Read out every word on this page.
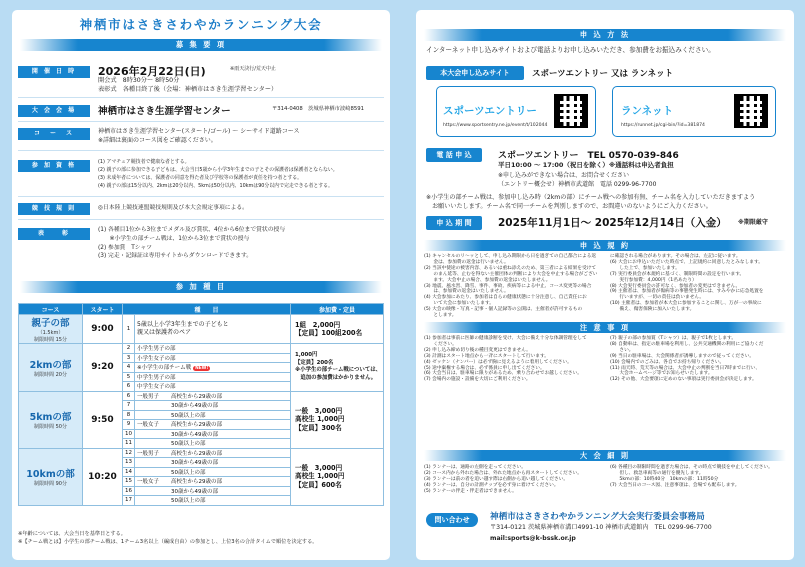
神栖市はさきさわやかランニング大会
募 集 要 項
開 催 日 時	2026年2月22日(日)	※雨天決行/荒天中止
開会式　8時30分～ 8時50分
表彰式　各種目終了後（会場：神栖市はさき生涯学習センター）
大 会 会 場	神栖市はさき生涯学習センター	〒314-0408　茨城県神栖市波崎8591
コ　ー　ス	神栖市はさき生涯学習センター(スタート/ゴール) ～ シーサイド道路コース
※詳細は裏面のコース図をご確認ください。
参 加 資 格	(1) アマチュア競技者で健康な者とする。
(2) 親子の部に参加できる子どもは、大会当日5歳から小学3年生までの子とその保護者は保護者とならない。
(3) 未成年者については、保護者の同意を得た者及び学校等の保護者が責任を持つ者とする。
(4) 親子の部は15分以内、2kmは20分以内、5kmは50分以内、10kmは90分以内で完走できる者とする。
競 技 規 則	◎日本陸上競技連盟競技規則及び本大会規定事項による。
表　　彰	(1) 各種目1位から3位までメダル及び賞状、4位から6位まで賞状の授与
　　※小学生の部チーム戦は、1位から3位まで賞状の授与
(2) 参加賞　Tシャツ
(3) 完走・記録証は専用サイトからダウンロードできます。
参 加 種 目
コース	スタート	種　　目		参加費・定員

親子の部
（1.5km）
制限時間 15分	9:00	1	5歳以上小学3年生までの子どもと
親又は保護者のペア	1組　2,000円
【定員】100組200名

2kmの部
制限時間 20分	9:20	2	小学生男子の部	1,000円
【定員】200名
※小学生の部チーム戦については、
　追加の参加費はかかりません。
		3	小学生女子の部	
		4	※小学生の部チーム戦 NEW!	
		5	中学生男子の部	
		6	中学生女子の部	

5kmの部
制限時間 50分	9:50	6	一般男子 高校生から29歳の部	一般　3,000円
高校生 1,000円
【定員】300名
		7	30歳から49歳の部	
		8	50歳以上の部	
		9	一般女子 高校生から29歳の部	
		10	30歳から49歳の部	
		11	50歳以上の部	

10kmの部
制限時間 90分	10:20	12	一般男子 高校生から29歳の部	一般　3,000円
高校生 1,000円
【定員】600名
		13	30歳から49歳の部	
		14	50歳以上の部	
		15	一般女子 高校生から29歳の部	
		16	30歳から49歳の部	
		17	50歳以上の部	
※年齢については、大会当日を基準日とする。
※【チーム戦とは】小学生の部チーム戦は、1チーム3名以上（編成自由）の参加とし、上位3名の合計タイムで順位を決定する。
申 込 方 法
インターネット申し込みサイトおよび電話よりお申し込みいただき、参加費をお振込みください。
本大会申し込みサイト	スポーツエントリー 又は ランネット
スポーツエントリー
https://www.sportsentry.ne.jp/event/t/102044
ランネット
https://runnet.jp/cgi-bin/?id=381874
電 話 申 込	スポーツエントリー　TEL 0570-039-846
平日10:00 ～ 17:00（祝日を除く）※通話料は申込者負担
※申し込みができない場合は、お問合せください
（エントリー概会せ）神栖市武道館　電話 0299-96-7700
※小学生の部チーム戦は、参加申し込み時（2kmの部）にチーム戦への参加有無、チーム名を入力していただきますよう
　お願いいたします。チーム名で同一チームを判別しますので、お間違いのないようにご入力ください。
申 込 期 間	2025年11月1日～ 2025年12月14日（入金） ※期限厳守
申 込 規 約
(1) キャンセルのリ～ッとして、申し込み期限から日を過ぎての自己都合による返
　　金は、参加費の返金は行いません。
(2) 当該中使途の被害内容、あるいは重ね添えのため、第三者による結果を受けて
　　のまん延等、止むを得ない主催団体の判断により大会を中止する場合がござい
　　ます。大会中止の場合、参加費の返金はいたしません。
(3) 地震、風水害、降雪、事件、事故、疾病等による中止、コース変更等の場合
　　は、参加費の返金はいたしません。
(4) 大会参加にあたり、参加者は自らの健康状態に十分注意し、自己責任にお
　　いて大会に参加いたします。
(5) 大会の映像・写真・記事・個人記録等の公開は、主催者が許可するもの
　　とします。
に確認される場合があります。その場合は、左記に従います。
(6) 大会にお申込いただいた時点で、上記規約に同意したとみなします。
　　した上で、参加いたします。
(7) 実行委員会が本規約に基づく、制限時間の設定を行います。
　　実行参加費：4,000円（1名あたり）
(8) 大会実行委員会の許可なく、参加者の変更はできません。
(9) 主催者は、参加者が傷病等の事態発生時には、すみやかに応急処置を
　　行いますが、一切の責任は負いません。
(10) 主催者は、参加者が本大会に参加することに関し、万が一の事故に
　　備え、傷害保険に加入いたします。
注 意 事 項
(1) 参加者は事前に医師の健康診断を受け、大会に備え十分な体調管理をして
　　ください。
(2) 申し込み締め切り後の種目変更はできません。
(3) 計測はスタート地点から一斉にスタートして行います。
(4) ゼッケン（ナンバー）は必ず胸に見えるように着用してください。
(5) 途中棄権する場合は、必ず係員に申し出てください。
(6) 大会当日は、駐車場に限りがあるため、乗り合わせでお越しください。
(7) 会場内の施設・設備を大切にご利用ください。
(7) 親子の部の参加賞（Tシャツ）は、親子で1枚とします。
(8) 自動車は、指定の駐車場を利用し、公共交通機関の利用にご協力くだ
　　さい。
(9) 当日の駐車場は、大会関係者が誘導しますので従ってください。
(10) 会場内でのごみは、各自でお持ち帰りください。
(11) 雨天時、荒天等の場合は、大会中止の判断を当日7時までに行い、
　　大会ホームページ等でお知らせいたします。
(12) その他、大会要項に定めのない事項は実行委員会が決定します。
大 会 細 則
(1) ランナーは、通路の左側を走ってください。
(2) コース内から外れた場合は、外れた地点から再スタートしてください。
(3) ランナーは前の者を追い越す際は右側から追い越してください。
(4) ランナーは、自分の計測チップを必ず身に着けてください。
(5) ランナーの伴走・伴走者はできません。
(6) 各種目の制限時間を過ぎた場合は、その時点で競技を中止してください。
　　但し、救急車両等の通行を優先します。
　　5kmの部：10時40分　10kmの部：11時50分
(7) 大会当日のコース図、注意事項は、会場でも配布します。
問い合わせ	神栖市はさきさわやかランニング大会実行委員会事務局
〒314-0121 茨城県神栖市溝口4991-10 神栖市武道館内　TEL 0299-96-7700
mail:sports@k-bssk.or.jp
